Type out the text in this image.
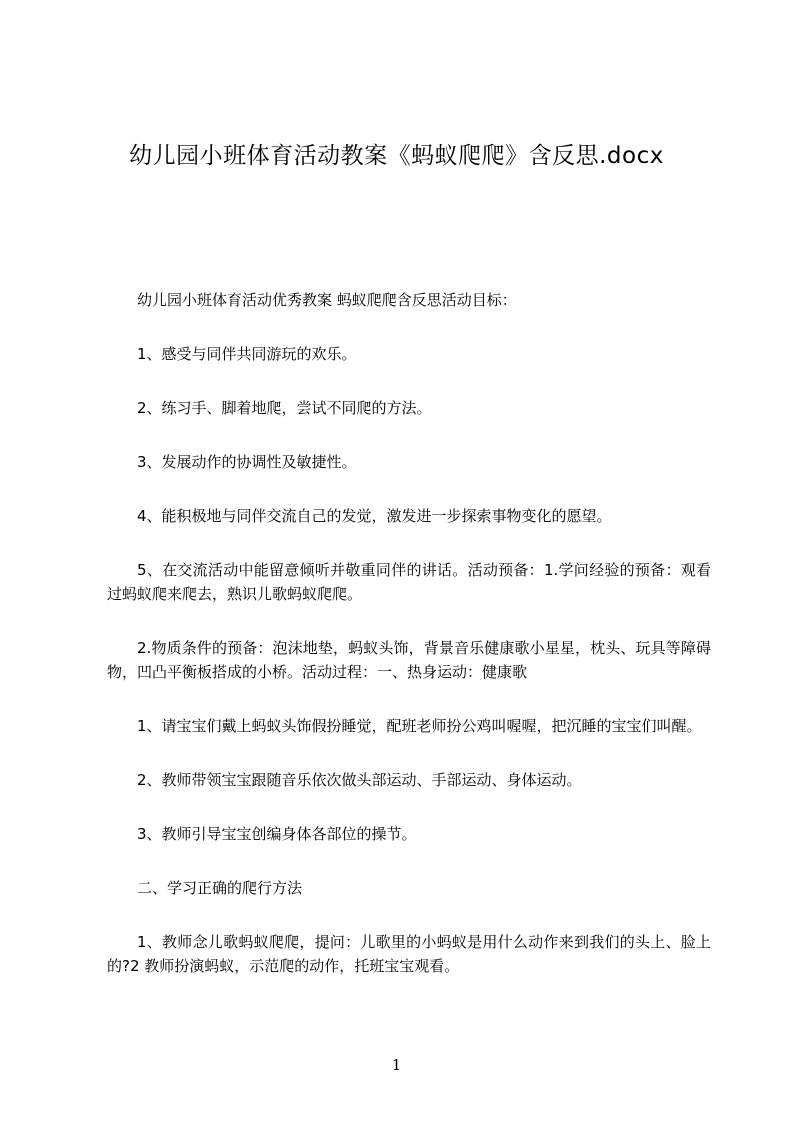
幼儿园小班体育活动教案《蚂蚁爬爬》含反思.docx

幼儿园小班体育活动优秀教案 蚂蚁爬爬含反思活动目标：

1、感受与同伴共同游玩的欢乐。

2、练习手、脚着地爬，尝试不同爬的方法。

3、发展动作的协调性及敏捷性。

4、能积极地与同伴交流自己的发觉，激发进一步探索事物变化的愿望。

5、在交流活动中能留意倾听并敬重同伴的讲话。活动预备：1.学问经验的预备：观看过蚂蚁爬来爬去，熟识儿歌蚂蚁爬爬。

2.物质条件的预备：泡沫地垫，蚂蚁头饰，背景音乐健康歌小星星，枕头、玩具等障碍物，凹凸平衡板搭成的小桥。活动过程：一、热身运动：健康歌

1、请宝宝们戴上蚂蚁头饰假扮睡觉，配班老师扮公鸡叫喔喔，把沉睡的宝宝们叫醒。

2、教师带领宝宝跟随音乐依次做头部运动、手部运动、身体运动。

3、教师引导宝宝创编身体各部位的操节。

二、学习正确的爬行方法

1、教师念儿歌蚂蚁爬爬，提问：儿歌里的小蚂蚁是用什么动作来到我们的头上、脸上的?2 教师扮演蚂蚁，示范爬的动作，托班宝宝观看。

1
